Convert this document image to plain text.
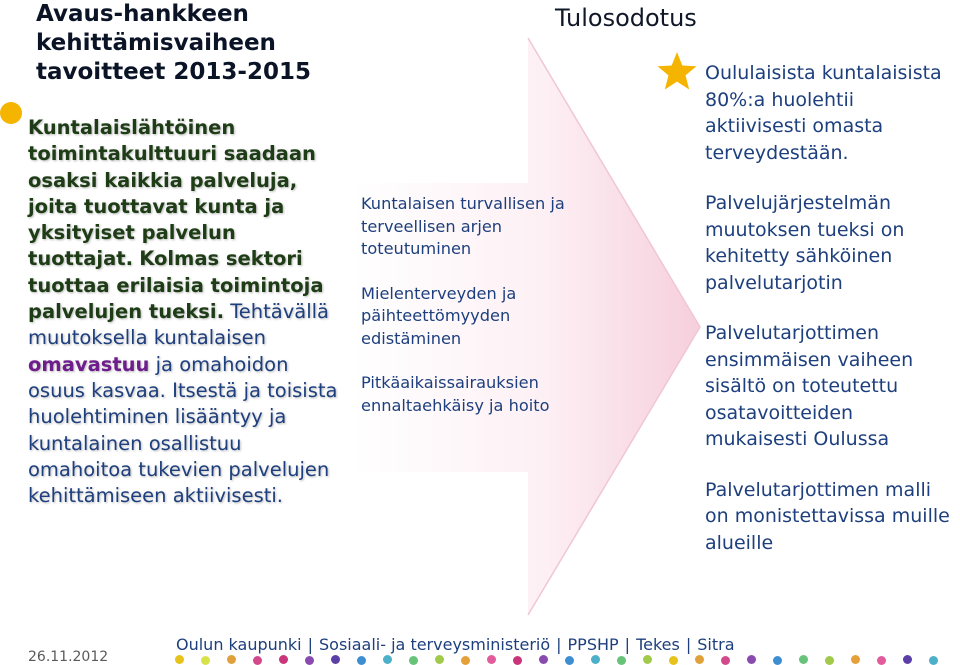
Avaus-hankkeen kehittämisvaiheen tavoitteet 2013-2015
Kuntalaislähtöinen toimintakulttuuri saadaan osaksi kaikkia palveluja, joita tuottavat kunta ja yksityiset palvelun tuottajat. Kolmas sektori tuottaa erilaisia toimintoja palvelujen tueksi. Tehtävällä muutoksella kuntalaisen omavastuu ja omahoidon osuus kasvaa. Itsestä ja toisista huolehtiminen lisääntyy ja kuntalainen osallistuu omahoitoa tukevien palvelujen kehittämiseen aktiivisesti.

Kuntalaisen turvallisen ja terveellisen arjen toteutuminen

Mielenterveyden ja päihteettömyyden edistäminen

Pitkäaikaissairauksien ennaltaehkäisy ja hoito

Tulosodotus

Oululaisista kuntalaisista 80%:a huolehtii aktiivisesti omasta terveydestään.

Palvelujärjestelmän muutoksen tueksi on kehitetty sähköinen palvelutarjotin

Palvelutarjottimen ensimmäisen vaiheen sisältö on toteutettu osatavoitteiden mukaisesti Oulussa

Palvelutarjottimen malli on monistettavissa muille alueille

26.11.2012
Oulun kaupunki | Sosiaali- ja terveysministeriö | PPSHP | Tekes | Sitra
